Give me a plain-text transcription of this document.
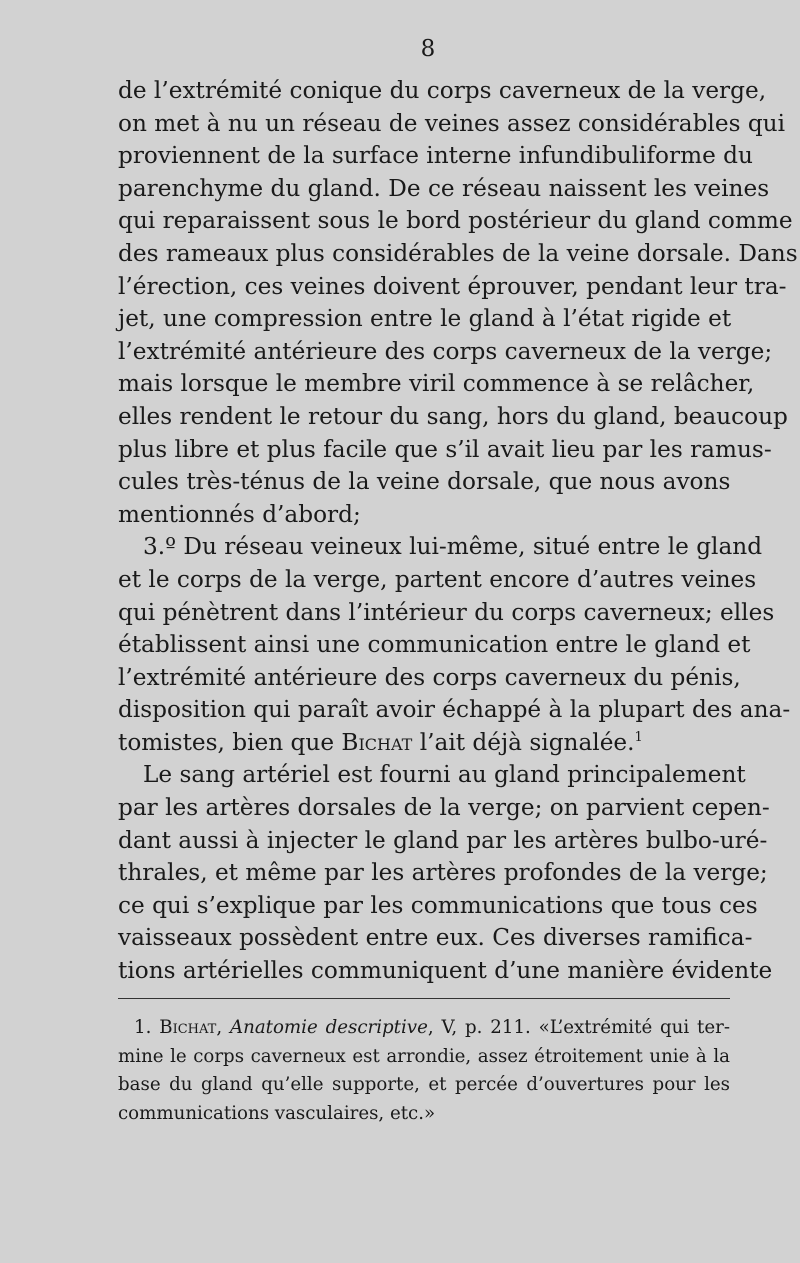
8
de l’extrémité conique du corps caverneux de la verge,
on met à nu un réseau de veines assez considérables qui
proviennent de la surface interne infundibuliforme du
parenchyme du gland. De ce réseau naissent les veines
qui reparaissent sous le bord postérieur du gland comme
des rameaux plus considérables de la veine dorsale. Dans
l’érection, ces veines doivent éprouver, pendant leur tra-
jet, une compression entre le gland à l’état rigide et
l’extrémité antérieure des corps caverneux de la verge;
mais lorsque le membre viril commence à se relâcher,
elles rendent le retour du sang, hors du gland, beaucoup
plus libre et plus facile que s’il avait lieu par les ramus-
cules très-ténus de la veine dorsale, que nous avons
mentionnés d’abord;
3.º Du réseau veineux lui-même, situé entre le gland
et le corps de la verge, partent encore d’autres veines
qui pénètrent dans l’intérieur du corps caverneux; elles
établissent ainsi une communication entre le gland et
l’extrémité antérieure des corps caverneux du pénis,
disposition qui paraît avoir échappé à la plupart des ana-
tomistes, bien que Bichat l’ait déjà signalée.$^1$
Le sang artériel est fourni au gland principalement
par les artères dorsales de la verge; on parvient cepen-
dant aussi à injecter le gland par les artères bulbo-uré-
thrales, et même par les artères profondes de la verge;
ce qui s’explique par les communications que tous ces
vaisseaux possèdent entre eux. Ces diverses ramifica-
tions artérielles communiquent d’une manière évidente
1. Bichat, Anatomie descriptive, V, p. 211. «L’extrémité qui ter-
mine le corps caverneux est arrondie, assez étroitement unie à la
base du gland qu’elle supporte, et percée d’ouvertures pour les
communications vasculaires, etc.»
